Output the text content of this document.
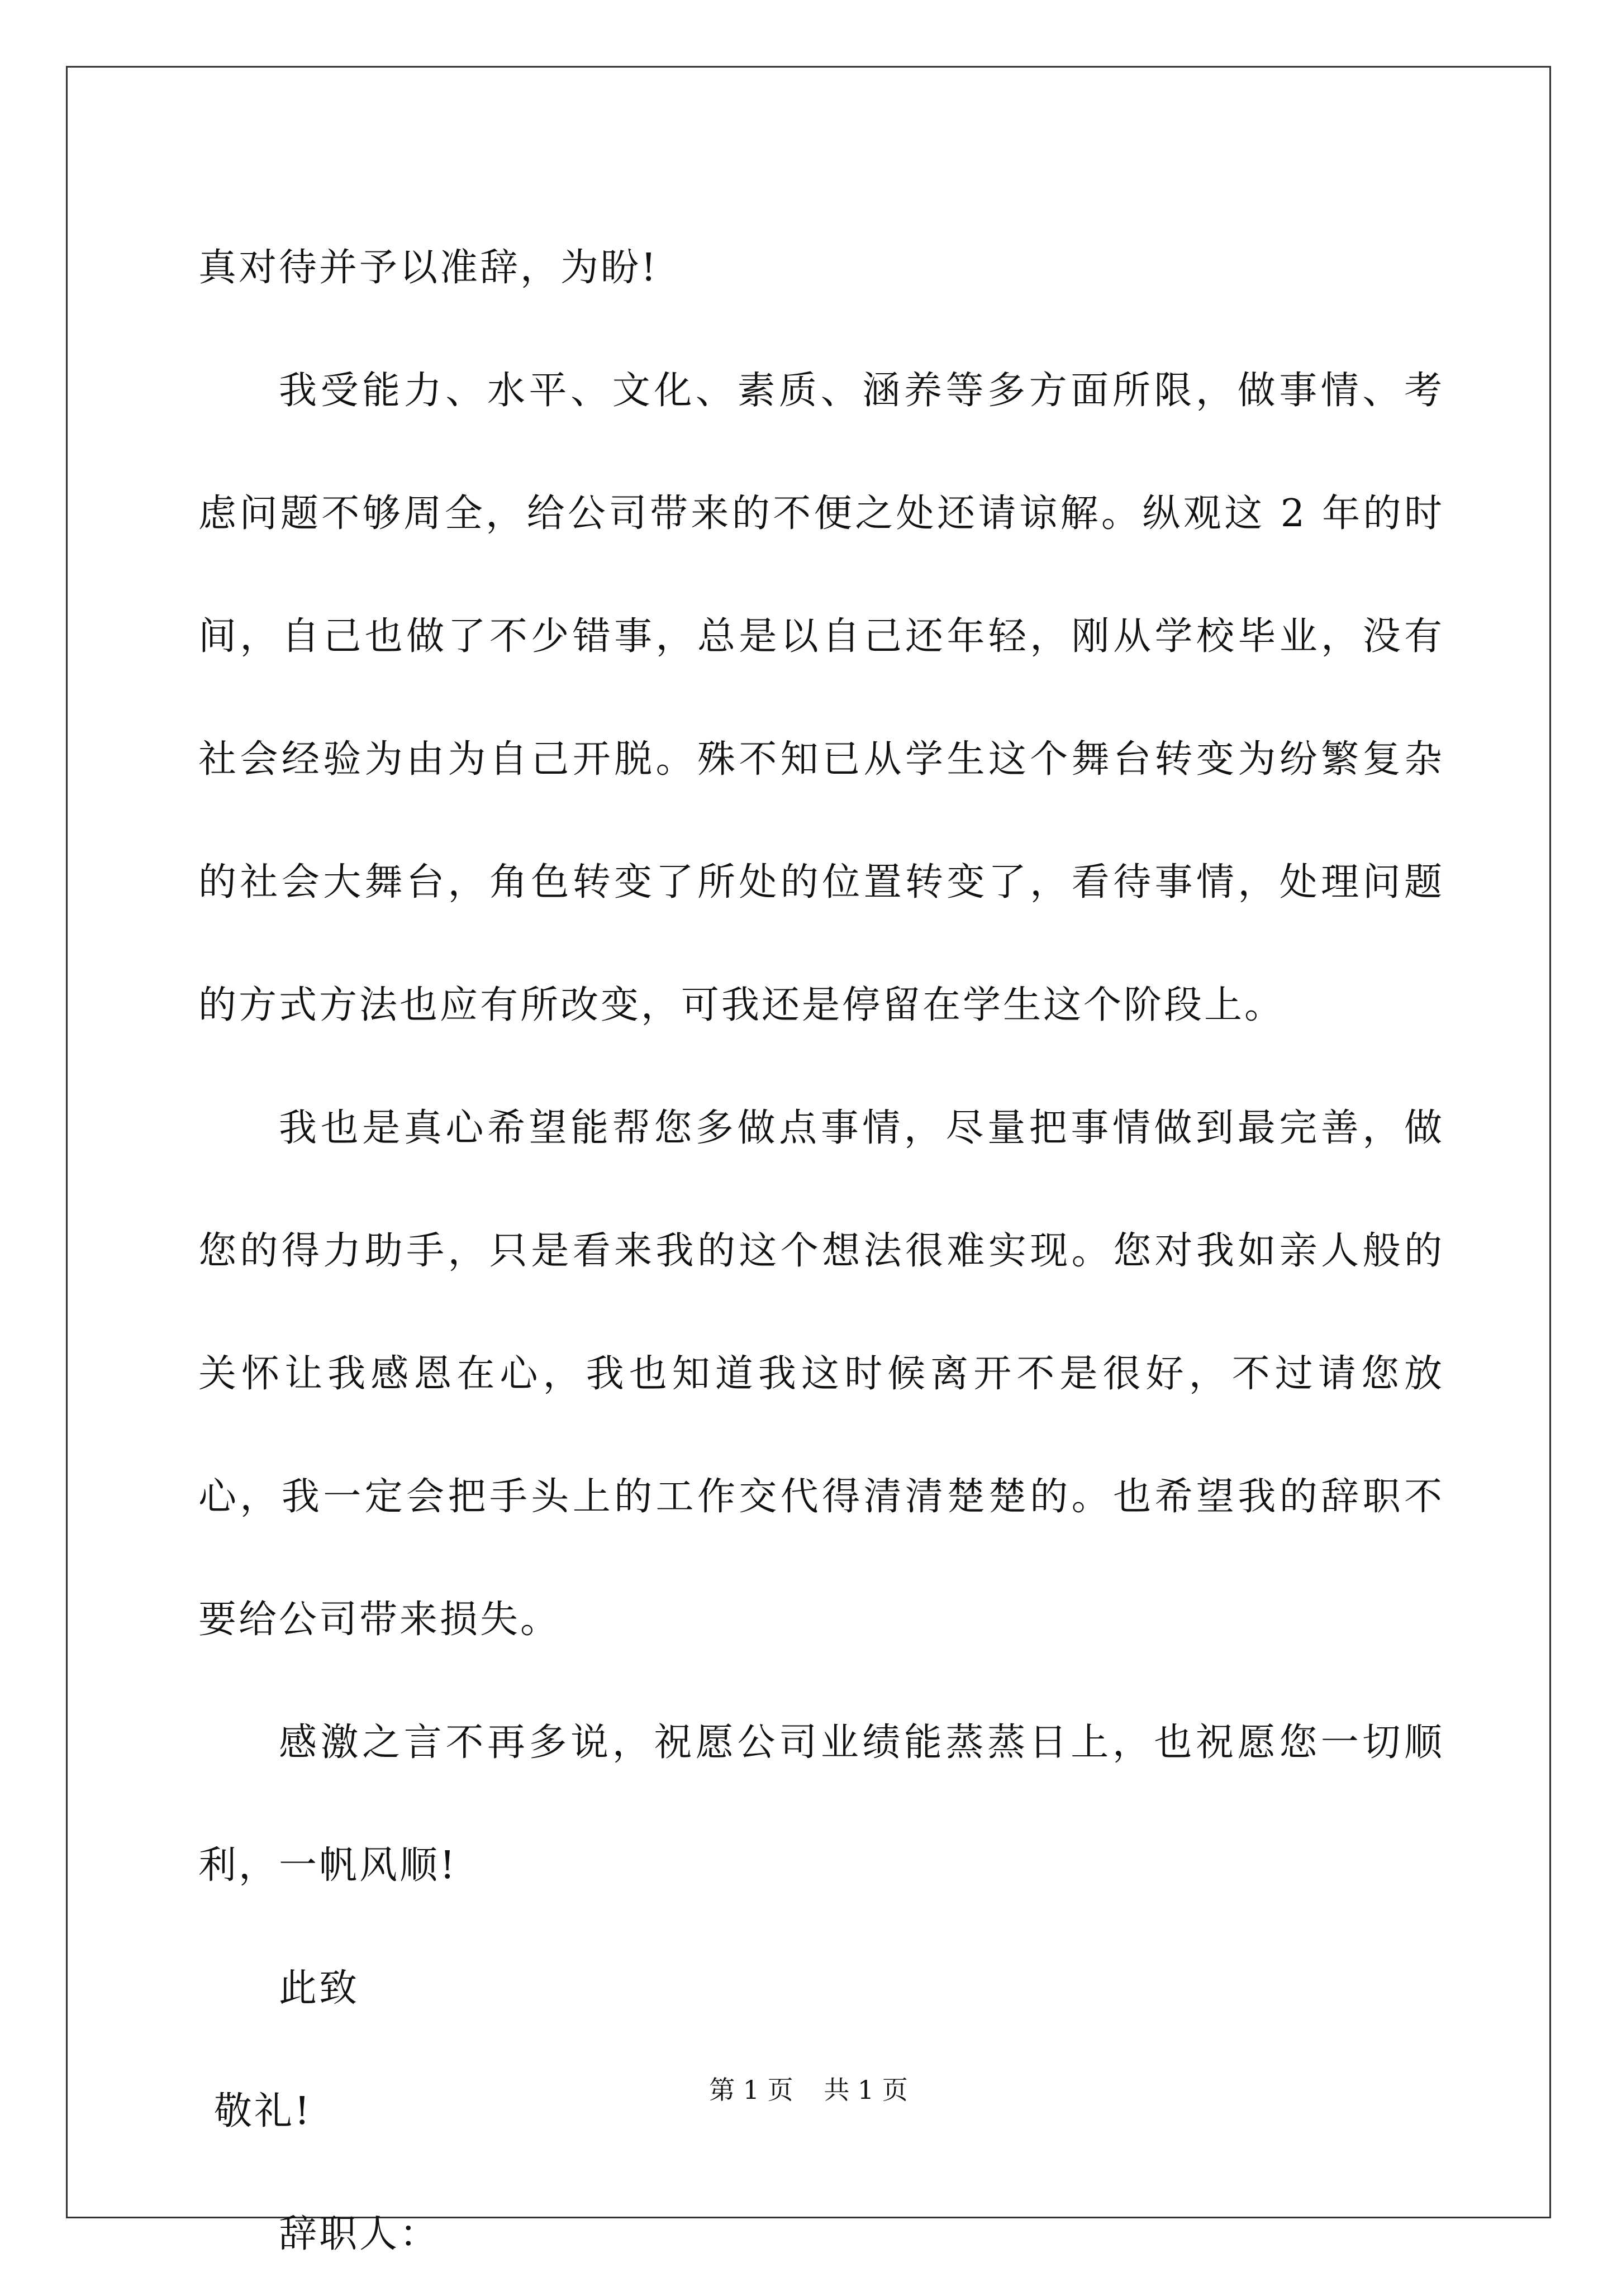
真对待并予以准辞，为盼!

我受能力、水平、文化、素质、涵养等多方面所限，做事情、考虑问题不够周全，给公司带来的不便之处还请谅解。纵观这 2 年的时间，自己也做了不少错事，总是以自己还年轻，刚从学校毕业，没有社会经验为由为自己开脱。殊不知已从学生这个舞台转变为纷繁复杂的社会大舞台，角色转变了所处的位置转变了，看待事情，处理问题的方式方法也应有所改变，可我还是停留在学生这个阶段上。

我也是真心希望能帮您多做点事情，尽量把事情做到最完善，做您的得力助手，只是看来我的这个想法很难实现。您对我如亲人般的关怀让我感恩在心，我也知道我这时候离开不是很好，不过请您放心，我一定会把手头上的工作交代得清清楚楚的。也希望我的辞职不要给公司带来损失。

感激之言不再多说，祝愿公司业绩能蒸蒸日上，也祝愿您一切顺利，一帆风顺!

此致

敬礼!

辞职人：

第 1 页 共 1 页
